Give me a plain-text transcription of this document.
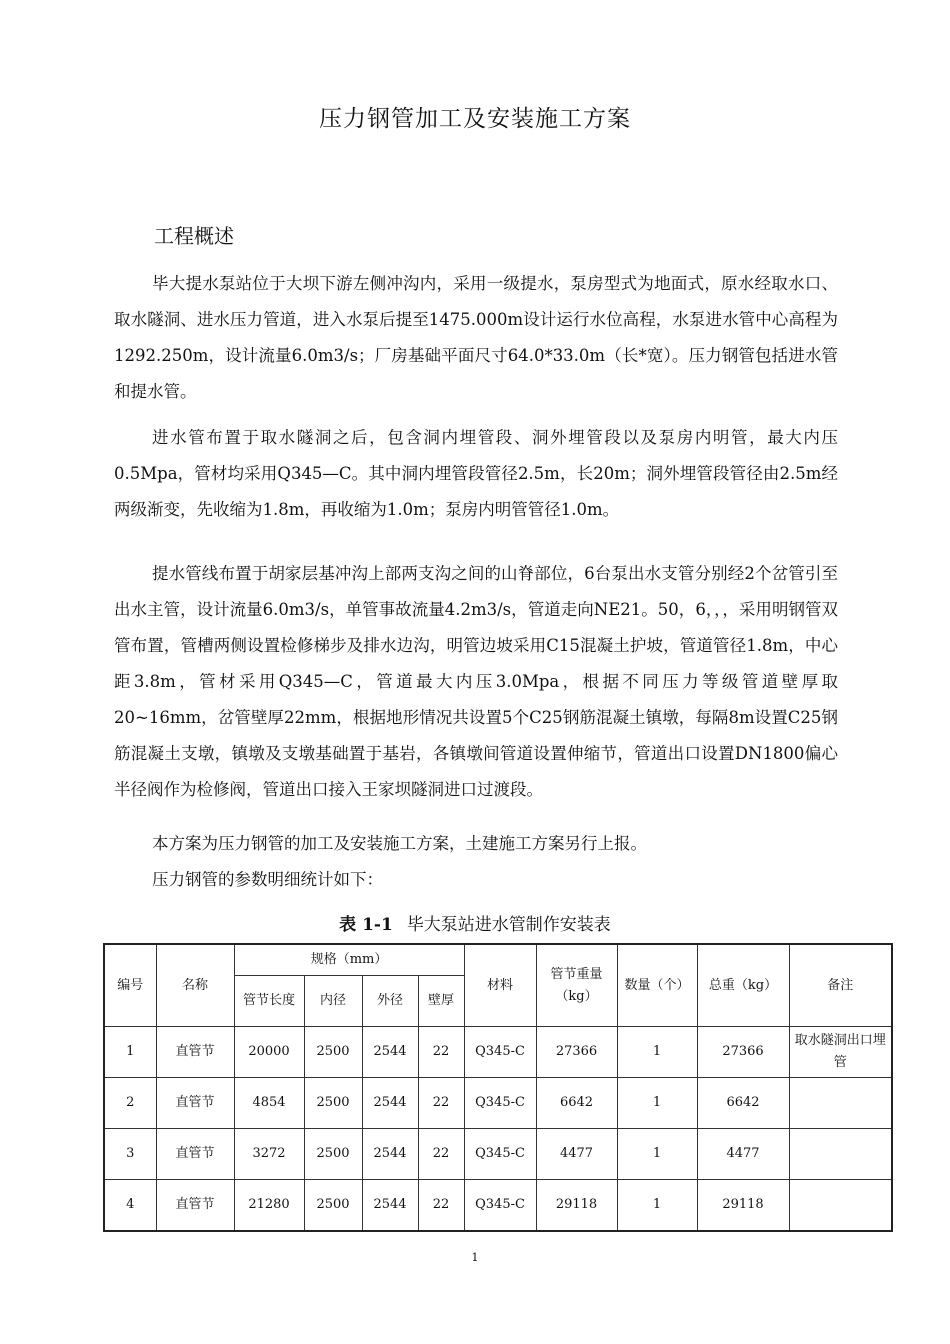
压力钢管加工及安装施工方案
工程概述

毕大提水泵站位于大坝下游左侧冲沟内，采用一级提水，泵房型式为地面式，原水经取水口、取水隧洞、进水压力管道，进入水泵后提至1475.000m设计运行水位高程，水泵进水管中心高程为1292.250m，设计流量6.0m3/s；厂房基础平面尺寸64.0*33.0m（长*宽）。压力钢管包括进水管和提水管。

进水管布置于取水隧洞之后，包含洞内埋管段、洞外埋管段以及泵房内明管，最大内压0.5Mpa，管材均采用Q345—C。其中洞内埋管段管径2.5m，长20m；洞外埋管段管径由2.5m经两级渐变，先收缩为1.8m，再收缩为1.0m；泵房内明管管径1.0m。

提水管线布置于胡家层基冲沟上部两支沟之间的山脊部位，6台泵出水支管分别经2个岔管引至出水主管，设计流量6.0m3/s，单管事故流量4.2m3/s，管道走向NE21。50，6，，，采用明钢管双管布置，管槽两侧设置检修梯步及排水边沟，明管边坡采用C15混凝土护坡，管道管径1.8m，中心距3.8m，管材采用Q345—C，管道最大内压3.0Mpa，根据不同压力等级管道壁厚取20~16mm，岔管壁厚22mm，根据地形情况共设置5个C25钢筋混凝土镇墩，每隔8m设置C25钢筋混凝土支墩，镇墩及支墩基础置于基岩，各镇墩间管道设置伸缩节，管道出口设置DN1800偏心半径阀作为检修阀，管道出口接入王家坝隧洞进口过渡段。

本方案为压力钢管的加工及安装施工方案，土建施工方案另行上报。

压力钢管的参数明细统计如下：

表 1-1 毕大泵站进水管制作安装表
编号	名称	规格（mm）				材料	管节重量（kg）	数量（个）	总重（kg）	备注
		管节长度	内径	外径	壁厚					
1	直管节	20000	2500	2544	22	Q345-C	27366	1	27366	取水隧洞出口埋管
2	直管节	4854	2500	2544	22	Q345-C	6642	1	6642	
3	直管节	3272	2500	2544	22	Q345-C	4477	1	4477	
4	直管节	21280	2500	2544	22	Q345-C	29118	1	29118	
1
